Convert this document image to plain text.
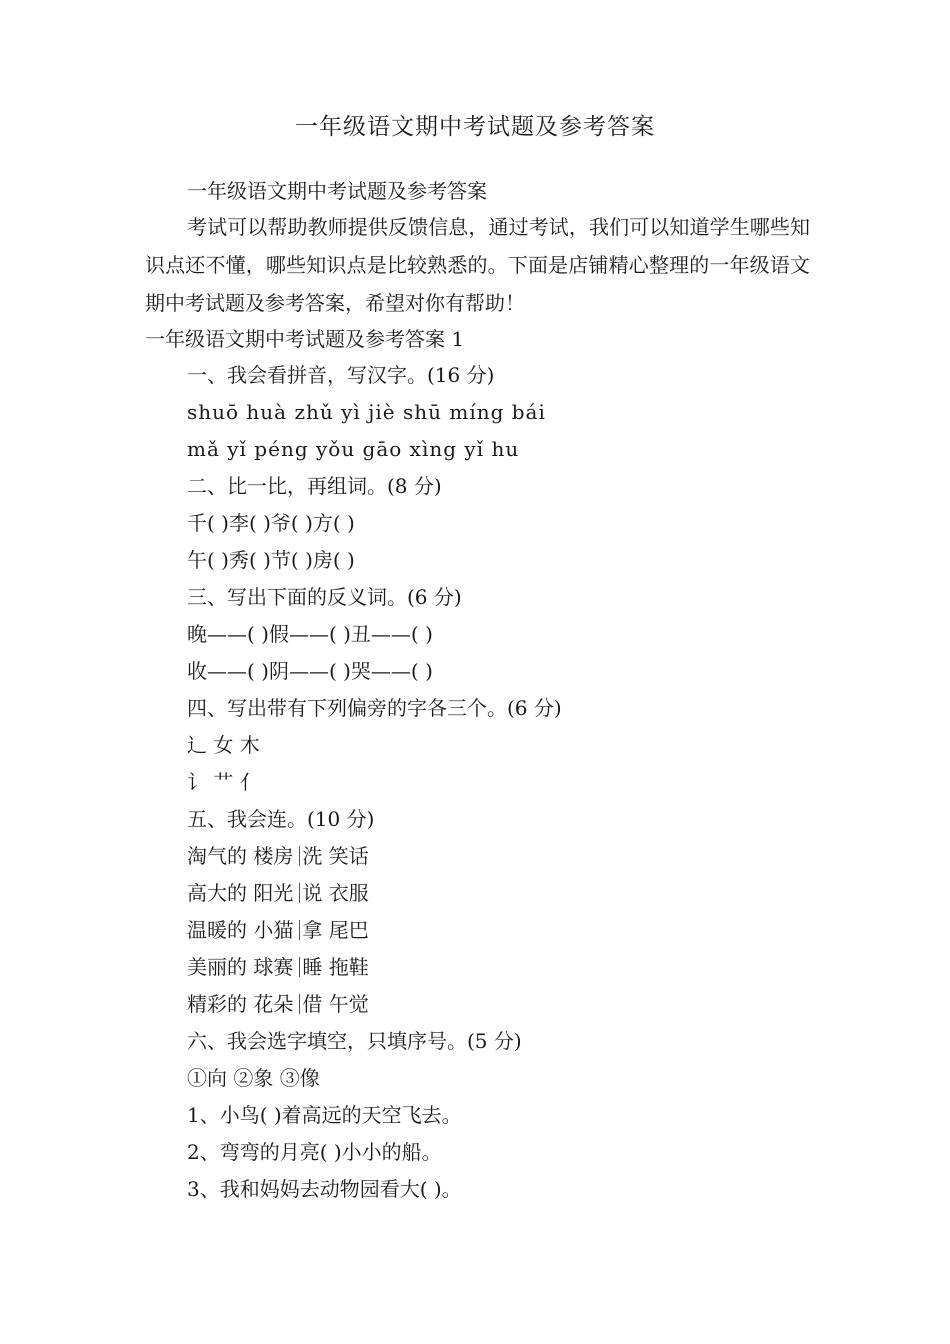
一年级语文期中考试题及参考答案
一年级语文期中考试题及参考答案
考试可以帮助教师提供反馈信息，通过考试，我们可以知道学生哪些知识点还不懂，哪些知识点是比较熟悉的。下面是店铺精心整理的一年级语文期中考试题及参考答案，希望对你有帮助！
一年级语文期中考试题及参考答案 1
一、我会看拼音，写汉字。(16 分)
shuō huà zhǔ yì jiè shū míng bái
mǎ yǐ péng yǒu gāo xìng yǐ hu
二、比一比，再组词。(8 分)
千( )李( )爷( )方( )
午( )秀( )节( )房( )
三、写出下面的反义词。(6 分)
晚——( )假——( )丑——( )
收——( )阴——( )哭——( )
四、写出带有下列偏旁的字各三个。(6 分)
辶 女 木
讠 艹 亻
五、我会连。(10 分)
淘气的 楼房 洗 笑话
高大的 阳光 说 衣服
温暖的 小猫 拿 尾巴
美丽的 球赛 睡 拖鞋
精彩的 花朵 借 午觉
六、我会选字填空，只填序号。(5 分)
①向 ②象 ③像
1、小鸟( )着高远的天空飞去。
2、弯弯的月亮( )小小的船。
3、我和妈妈去动物园看大( )。
